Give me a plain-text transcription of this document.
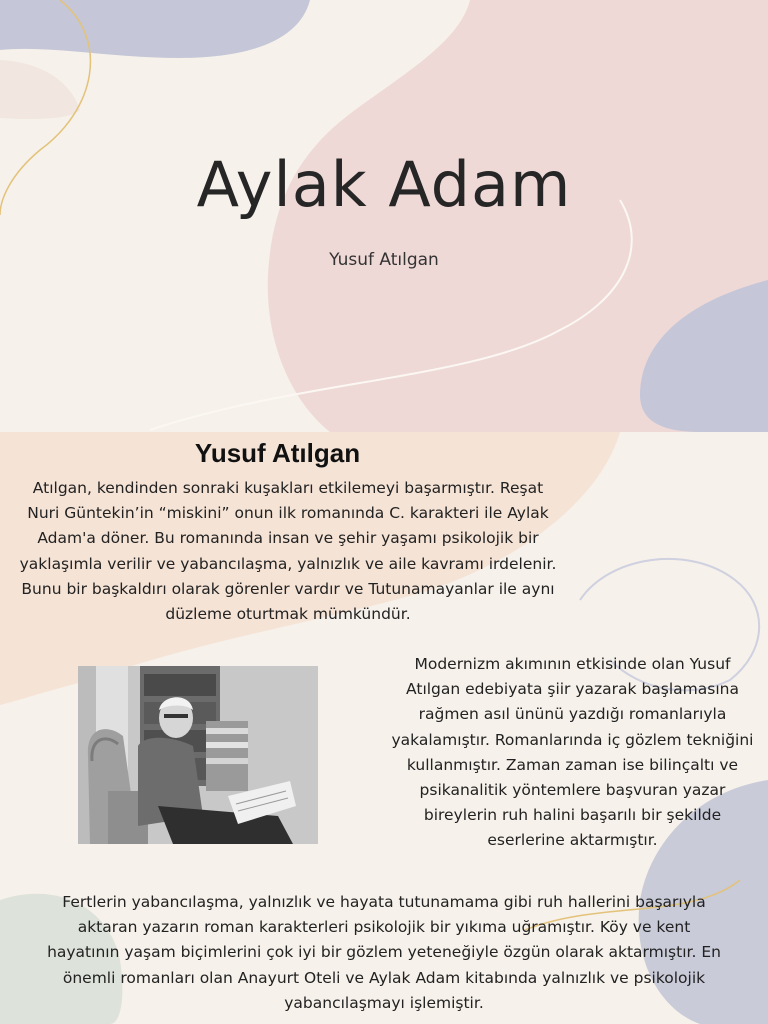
Aylak Adam
Yusuf Atılgan
Yusuf Atılgan

Atılgan, kendinden sonraki kuşakları etkilemeyi başarmıştır. Reşat Nuri Güntekin’in “miskini” onun ilk romanında C. karakteri ile Aylak Adam'a döner. Bu romanında insan ve şehir yaşamı psikolojik bir yaklaşımla verilir ve yabancılaşma, yalnızlık ve aile kavramı irdelenir. Bunu bir başkaldırı olarak görenler vardır ve Tutunamayanlar ile aynı düzleme oturtmak mümkündür.

Modernizm akımının etkisinde olan Yusuf Atılgan edebiyata şiir yazarak başlamasına rağmen asıl ününü yazdığı romanlarıyla yakalamıştır. Romanlarında iç gözlem tekniğini kullanmıştır. Zaman zaman ise bilinçaltı ve psikanalitik yöntemlere başvuran yazar bireylerin ruh halini başarılı bir şekilde eserlerine aktarmıştır.

Fertlerin yabancılaşma, yalnızlık ve hayata tutunamama gibi ruh hallerini başarıyla aktaran yazarın roman karakterleri psikolojik bir yıkıma uğramıştır. Köy ve kent hayatının yaşam biçimlerini çok iyi bir gözlem yeteneğiyle özgün olarak aktarmıştır. En önemli romanları olan Anayurt Oteli ve Aylak Adam kitabında yalnızlık ve psikolojik yabancılaşmayı işlemiştir.
